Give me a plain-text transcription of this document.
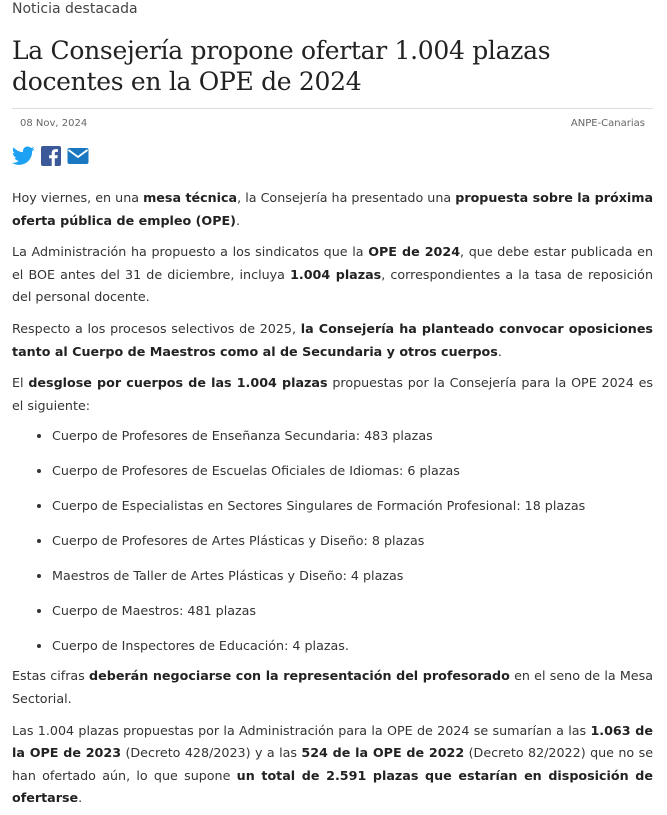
Noticia destacada

La Consejería propone ofertar 1.004 plazas docentes en la OPE de 2024
08 Nov, 2024	ANPE-Canarias

Hoy viernes, en una mesa técnica, la Consejería ha presentado una propuesta sobre la próxima oferta pública de empleo (OPE).

La Administración ha propuesto a los sindicatos que la OPE de 2024, que debe estar publicada en el BOE antes del 31 de diciembre, incluya 1.004 plazas, correspondientes a la tasa de reposición del personal docente.

Respecto a los procesos selectivos de 2025, la Consejería ha planteado convocar oposiciones tanto al Cuerpo de Maestros como al de Secundaria y otros cuerpos.

El desglose por cuerpos de las 1.004 plazas propuestas por la Consejería para la OPE 2024 es el siguiente:

• Cuerpo de Profesores de Enseñanza Secundaria: 483 plazas
• Cuerpo de Profesores de Escuelas Oficiales de Idiomas: 6 plazas
• Cuerpo de Especialistas en Sectores Singulares de Formación Profesional: 18 plazas
• Cuerpo de Profesores de Artes Plásticas y Diseño: 8 plazas
• Maestros de Taller de Artes Plásticas y Diseño: 4 plazas
• Cuerpo de Maestros: 481 plazas
• Cuerpo de Inspectores de Educación: 4 plazas.

Estas cifras deberán negociarse con la representación del profesorado en el seno de la Mesa Sectorial.

Las 1.004 plazas propuestas por la Administración para la OPE de 2024 se sumarían a las 1.063 de la OPE de 2023 (Decreto 428/2023) y a las 524 de la OPE de 2022 (Decreto 82/2022) que no se han ofertado aún, lo que supone un total de 2.591 plazas que estarían en disposición de ofertarse.
